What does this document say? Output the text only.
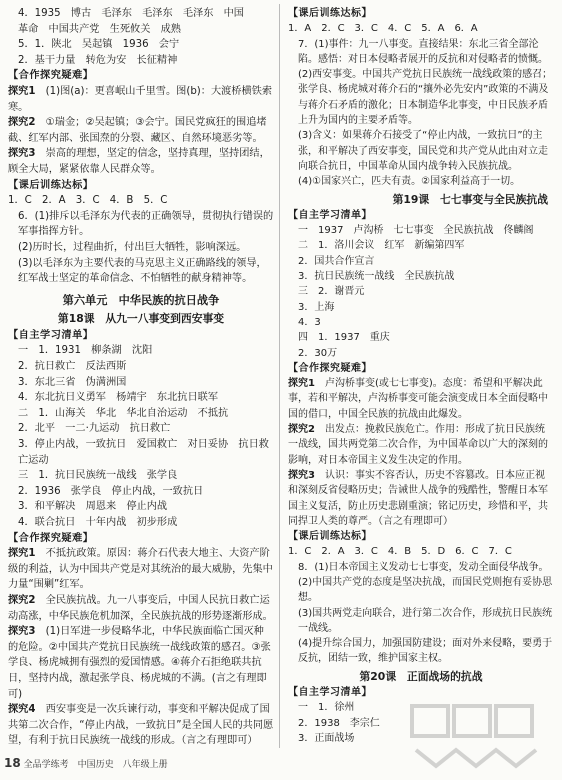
4．1935　博古　毛泽东　毛泽东　毛泽东　中国
革命　中国共产党　生死攸关　成熟
5．1．陕北　吴起镇　1936　会宁
2．基干力量　转危为安　长征精神
【合作探究疑难】
探究1　(1)图(a)：更喜岷山千里雪。图(b)：大渡桥横铁索寒。
探究2　①瑞金；②吴起镇；③会宁。国民党疯狂的围追堵截、红军内部、张国焘的分裂、藏区、自然环境恶劣等。
探究3　崇高的理想，坚定的信念，坚持真理，坚持团结，顾全大局，紧紧依靠人民群众等。
【课后训练达标】
1．C　2．A　3．C　4．B　5．C
6．(1)排斥以毛泽东为代表的正确领导，贯彻执行错误的军事指挥方针。
(2)历时长，过程曲折，付出巨大牺牲，影响深远。
(3)以毛泽东为主要代表的马克思主义正确路线的领导，红军战士坚定的革命信念、不怕牺牲的献身精神等。
第六单元　中华民族的抗日战争
第18课　从九一八事变到西安事变
【自主学习清单】
一　1．1931　柳条湖　沈阳
2．抗日救亡　反法西斯
3．东北三省　伪满洲国
4．东北抗日义勇军　杨靖宇　东北抗日联军
二　1．山海关　华北　华北自治运动　不抵抗
2．北平　一二·九运动　抗日救亡
3．停止内战，一致抗日　爱国救亡　对日妥协　抗日救亡运动
三　1．抗日民族统一战线　张学良
2．1936　张学良　停止内战，一致抗日
3．和平解决　周恩来　停止内战
4．联合抗日　十年内战　初步形成
【合作探究疑难】
探究1　不抵抗政策。原因：蒋介石代表大地主、大资产阶级的利益，认为中国共产党是对其统治的最大威胁，先集中力量“围剿”红军。
探究2　全民族抗战。九一八事变后，中国人民抗日救亡运动高涨，中华民族危机加深，全民族抗战的形势逐渐形成。
探究3　(1)日军进一步侵略华北，中华民族面临亡国灭种的危险。②中国共产党抗日民族统一战线政策的感召。③张学良、杨虎城拥有强烈的爱国情感。④蒋介石拒绝联共抗日，坚持内战，激起张学良、杨虎城的不满。(言之有理即可)
探究4　西安事变是一次兵谏行动，事变和平解决促成了国共第二次合作，“停止内战，一致抗日”是全国人民的共同愿望，有利于抗日民族统一战线的形成。（言之有理即可）
【课后训练达标】
1．A　2．C　3．C　4．C　5．A　6．A
7．(1)事件：九一八事变。直接结果：东北三省全部沦陷。感悟：对日本侵略者展开的反抗和对侵略者的愤慨。
(2)西安事变。中国共产党抗日民族统一战线政策的感召；张学良、杨虎城对蒋介石的“攘外必先安内”政策的不满及与蒋介石矛盾的激化；日本制造华北事变，中日民族矛盾上升为国内的主要矛盾等。
(3)含义：如果蒋介石接受了“停止内战，一致抗日”的主张，和平解决了西安事变，国民党和共产党从此由对立走向联合抗日，中国革命从国内战争转入民族抗战。
(4)①国家兴亡，匹夫有责。②国家利益高于一切。
第19课　七七事变与全民族抗战
【自主学习清单】
一　1937　卢沟桥　七七事变　全民族抗战　佟麟阁
二　1．洛川会议　红军　新编第四军
2．国共合作宣言
3．抗日民族统一战线　全民族抗战
三　2．谢晋元
3．上海
4．3
四　1．1937　重庆
2．30万
【合作探究疑难】
探究1　卢沟桥事变(或七七事变)。态度：希望和平解决此事，若和平解决，卢沟桥事变可能会演变成日本全面侵略中国的借口，中国全民族的抗战由此爆发。
探究2　出发点：挽救民族危亡。作用：形成了抗日民族统一战线，国共两党第二次合作，为中国革命以广大的深刻的影响，对日本帝国主义发生决定的作用。
探究3　认识：事实不容否认，历史不容篡改。日本应正视和深刻反省侵略历史；告诫世人战争的残酷性，警醒日本军国主义复活，防止历史悲剧重演；铭记历史，珍惜和平，共同捍卫人类的尊严。（言之有理即可）
【课后训练达标】
1．C　2．A　3．C　4．B　5．D　6．C　7．C
8．(1)日本帝国主义发动七七事变，发动全面侵华战争。
(2)中国共产党的态度是坚决抗战，而国民党则抱有妥协思想。
(3)国共两党走向联合，进行第二次合作，形成抗日民族统一战线。
(4)提升综合国力，加强国防建设；面对外来侵略，要勇于反抗，团结一致，维护国家主权。
第20课　正面战场的抗战
【自主学习清单】
一　1．徐州
2．1938　李宗仁
3．正面战场
18 全品学练考　中国历史　八年级上册
